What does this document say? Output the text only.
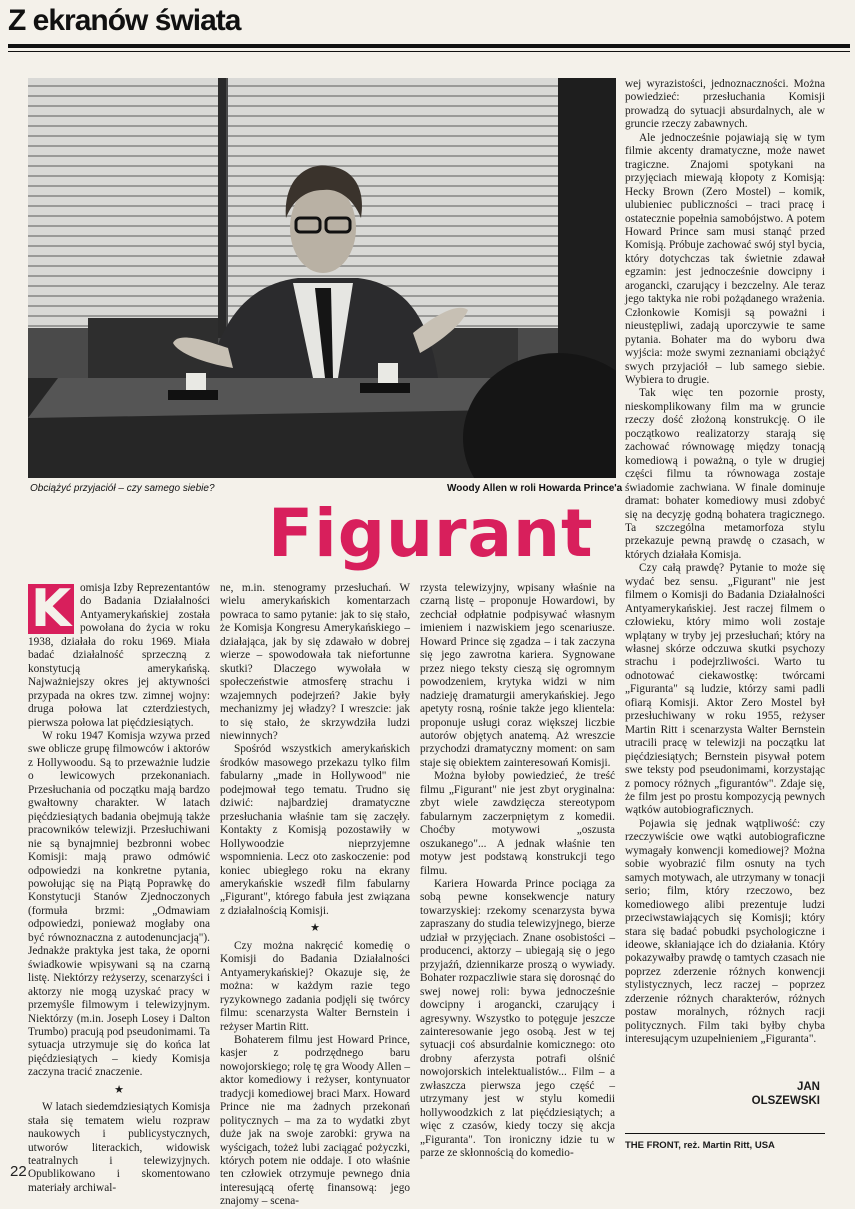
Z ekranów świata
Obciążyć przyjaciół – czy samego siebie?	Woody Allen w roli Howarda Prince'a
Figurant

K omisja Izby Reprezentantów do Badania Działalności Antyamerykańskiej została powołana do życia w roku 1938, działała do roku 1969. Miała badać działalność sprzeczną z konstytucją amerykańską. Najważniejszy okres jej aktywności przypada na okres tzw. zimnej wojny: druga połowa lat czterdziestych, pierwsza połowa lat pięćdziesiątych.

W roku 1947 Komisja wzywa przed swe oblicze grupę filmowców i aktorów z Hollywoodu. Są to przeważnie ludzie o lewicowych przekonaniach. Przesłuchania od początku mają bardzo gwałtowny charakter. W latach pięćdziesiątych badania obejmują także pracowników telewizji. Przesłuchiwani nie są bynajmniej bezbronni wobec Komisji: mają prawo odmówić odpowiedzi na konkretne pytania, powołując się na Piątą Poprawkę do Konstytucji Stanów Zjednoczonych (formuła brzmi: „Odmawiam odpowiedzi, ponieważ mogłaby ona być równoznaczna z autodenuncjacją"). Jednakże praktyka jest taka, że oporni świadkowie wpisywani są na czarną listę. Niektórzy reżyserzy, scenarzyści i aktorzy nie mogą uzyskać pracy w przemyśle filmowym i telewizyjnym. Niektórzy (m.in. Joseph Losey i Dalton Trumbo) pracują pod pseudonimami. Ta sytuacja utrzymuje się do końca lat pięćdziesiątych – kiedy Komisja zaczyna tracić znaczenie.

★

W latach siedemdziesiątych Komisja stała się tematem wielu rozpraw naukowych i publicystycznych, utworów literackich, widowisk teatralnych i telewizyjnych. Opublikowano i skomentowano materiały archiwal-

ne, m.in. stenogramy przesłuchań. W wielu amerykańskich komentarzach powraca to samo pytanie: jak to się stało, że Komisja Kongresu Amerykańskiego – działająca, jak by się zdawało w dobrej wierze – spowodowała tak niefortunne skutki? Dlaczego wywołała w społeczeństwie atmosferę strachu i wzajemnych podejrzeń? Jakie były mechanizmy jej władzy? I wreszcie: jak to się stało, że skrzywdziła ludzi niewinnych?

Spośród wszystkich amerykańskich środków masowego przekazu tylko film fabularny „made in Hollywood" nie podejmował tego tematu. Trudno się dziwić: najbardziej dramatyczne przesłuchania właśnie tam się zaczęły. Kontakty z Komisją pozostawiły w Hollywoodzie nieprzyjemne wspomnienia. Lecz oto zaskoczenie: pod koniec ubiegłego roku na ekrany amerykańskie wszedł film fabularny „Figurant", którego fabuła jest związana z działalnością Komisji.

★

Czy można nakręcić komedię o Komisji do Badania Działalności Antyamerykańskiej? Okazuje się, że można: w każdym razie tego ryzykownego zadania podjęli się twórcy filmu: scenarzysta Walter Bernstein i reżyser Martin Ritt.

Bohaterem filmu jest Howard Prince, kasjer z podrzędnego baru nowojorskiego; rolę tę gra Woody Allen – aktor komediowy i reżyser, kontynuator tradycji komediowej braci Marx. Howard Prince nie ma żadnych przekonań politycznych – ma za to wydatki zbyt duże jak na swoje zarobki: grywa na wyścigach, tożeż lubi zaciągać pożyczki, których potem nie oddaje. I oto właśnie ten człowiek otrzymuje pewnego dnia interesującą ofertę finansową: jego znajomy – scena-

rzysta telewizyjny, wpisany właśnie na czarną listę – proponuje Howardowi, by zechciał odpłatnie podpisywać własnym imieniem i nazwiskiem jego scenariusze. Howard Prince się zgadza – i tak zaczyna się jego zawrotna kariera. Sygnowane przez niego teksty cieszą się ogromnym powodzeniem, krytyka widzi w nim nadzieję dramaturgii amerykańskiej. Jego apetyty rosną, rośnie także jego klientela: proponuje usługi coraz większej liczbie autorów objętych anatemą. Aż wreszcie przychodzi dramatyczny moment: on sam staje się obiektem zainteresowań Komisji.

Można byłoby powiedzieć, że treść filmu „Figurant" nie jest zbyt oryginalna: zbyt wiele zawdzięcza stereotypom fabularnym zaczerpniętym z komedii. Choćby motywowi „oszusta oszukanego"... A jednak właśnie ten motyw jest podstawą konstrukcji tego filmu.

Kariera Howarda Prince pociąga za sobą pewne konsekwencje natury towarzyskiej: rzekomy scenarzysta bywa zapraszany do studia telewizyjnego, bierze udział w przyjęciach. Znane osobistości – producenci, aktorzy – ubiegają się o jego przyjaźń, dziennikarze proszą o wywiady. Bohater rozpaczliwie stara się dorosnąć do swej nowej roli: bywa jednocześnie dowcipny i arogancki, czarujący i agresywny. Wszystko to potęguje jeszcze zainteresowanie jego osobą. Jest w tej sytuacji coś absurdalnie komicznego: oto drobny aferzysta potrafi olśnić nowojorskich intelektualistów... Film – a zwłaszcza pierwsza jego część – utrzymany jest w stylu komedii hollywoodzkich z lat pięćdziesiątych; a więc z czasów, kiedy toczy się akcja „Figuranta". Ton ironiczny idzie tu w parze ze skłonnością do komedio-

wej wyrazistości, jednoznaczności. Można powiedzieć: przesłuchania Komisji prowadzą do sytuacji absurdalnych, ale w gruncie rzeczy zabawnych.

Ale jednocześnie pojawiają się w tym filmie akcenty dramatyczne, może nawet tragiczne. Znajomi spotykani na przyjęciach miewają kłopoty z Komisją: Hecky Brown (Zero Mostel) – komik, ulubieniec publiczności – traci pracę i ostatecznie popełnia samobójstwo. A potem Howard Prince sam musi stanąć przed Komisją. Próbuje zachować swój styl bycia, który dotychczas tak świetnie zdawał egzamin: jest jednocześnie dowcipny i arogancki, czarujący i bezczelny. Ale teraz jego taktyka nie robi pożądanego wrażenia. Członkowie Komisji są poważni i nieustępliwi, zadają uporczywie te same pytania. Bohater ma do wyboru dwa wyjścia: może swymi zeznaniami obciążyć swych przyjaciół – lub samego siebie. Wybiera to drugie.

Tak więc ten pozornie prosty, nieskomplikowany film ma w gruncie rzeczy dość złożoną konstrukcję. O ile początkowo realizatorzy starają się zachować równowagę między tonacją komediową i poważną, o tyle w drugiej części filmu ta równowaga zostaje świadomie zachwiana. W finale dominuje dramat: bohater komediowy musi zdobyć się na decyzję godną bohatera tragicznego. Ta szczególna metamorfoza stylu przekazuje pewną prawdę o czasach, w których działała Komisja.

Czy całą prawdę? Pytanie to może się wydać bez sensu. „Figurant" nie jest filmem o Komisji do Badania Działalności Antyamerykańskiej. Jest raczej filmem o człowieku, który mimo woli zostaje wplątany w tryby jej przesłuchań; który na własnej skórze odczuwa skutki psychozy strachu i podejrzliwości. Warto tu odnotować ciekawostkę: twórcami „Figuranta" są ludzie, którzy sami padli ofiarą Komisji. Aktor Zero Mostel był przesłuchiwany w roku 1955, reżyser Martin Ritt i scenarzysta Walter Bernstein utracili pracę w telewizji na początku lat pięćdziesiątych; Bernstein pisywał potem swe teksty pod pseudonimami, korzystając z pomocy różnych „figurantów". Zdaje się, że film jest po prostu kompozycją pewnych wątków autobiograficznych.

Pojawia się jednak wątpliwość: czy rzeczywiście owe wątki autobiograficzne wymagały konwencji komediowej? Można sobie wyobrazić film osnuty na tych samych motywach, ale utrzymany w tonacji serio; film, który rzeczowo, bez komediowego alibi prezentuje ludzi przeciwstawiających się Komisji; który stara się badać pobudki psychologiczne i ideowe, skłaniające ich do działania. Który pokazywałby prawdę o tamtych czasach nie poprzez zderzenie różnych konwencji stylistycznych, lecz raczej – poprzez zderzenie różnych charakterów, różnych postaw moralnych, różnych racji politycznych. Film taki byłby chyba interesującym uzupełnieniem „Figuranta".

JAN
OLSZEWSKI
THE FRONT, reż. Martin Ritt, USA
22
